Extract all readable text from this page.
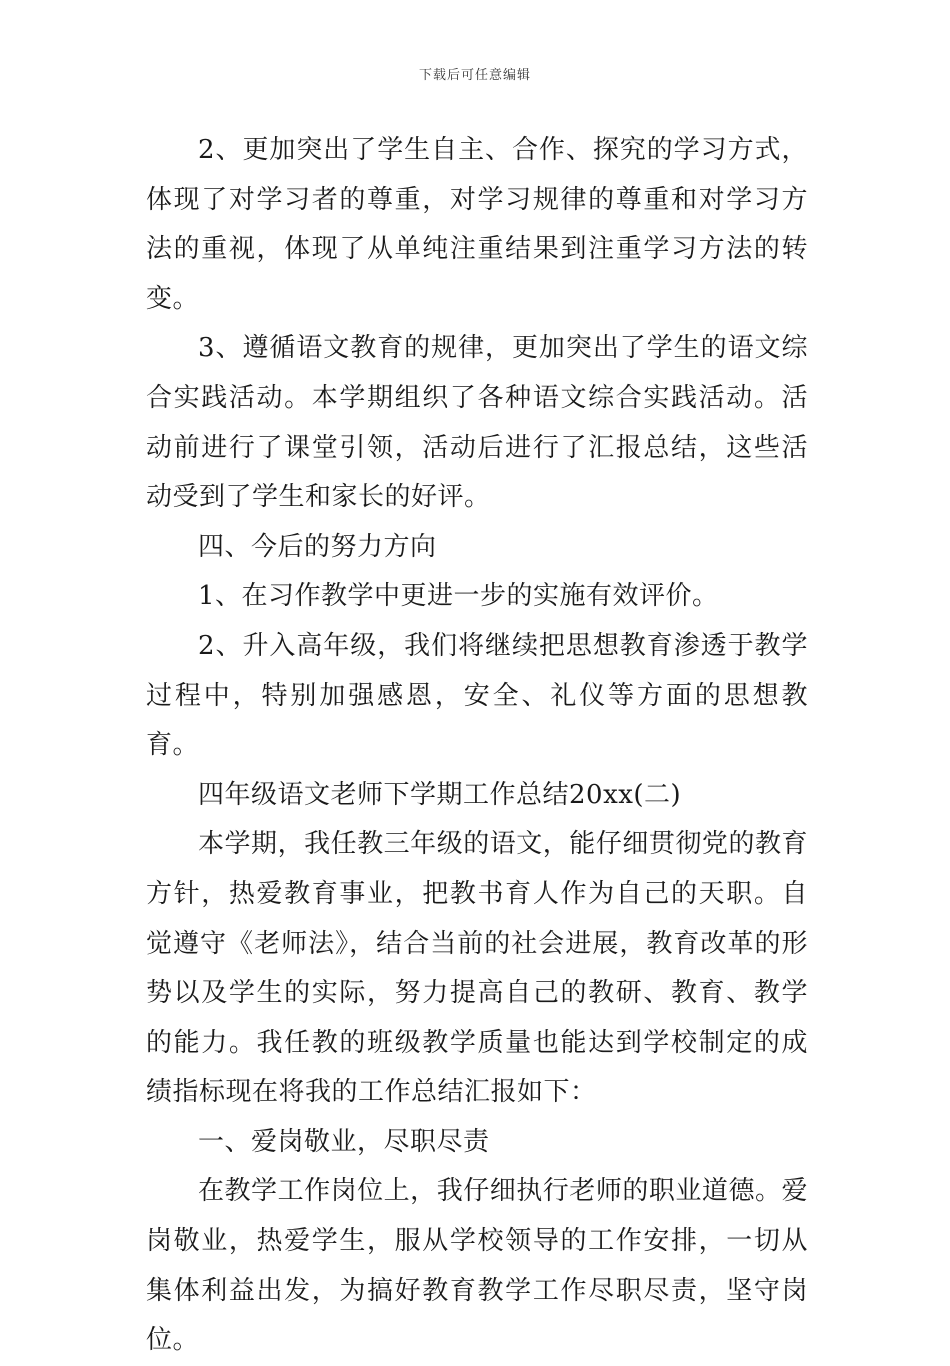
下载后可任意编辑

2、更加突出了学生自主、合作、探究的学习方式，体现了对学习者的尊重，对学习规律的尊重和对学习方法的重视，体现了从单纯注重结果到注重学习方法的转变。

3、遵循语文教育的规律，更加突出了学生的语文综合实践活动。本学期组织了各种语文综合实践活动。活动前进行了课堂引领，活动后进行了汇报总结，这些活动受到了学生和家长的好评。

四、今后的努力方向

1、在习作教学中更进一步的实施有效评价。

2、升入高年级，我们将继续把思想教育渗透于教学过程中，特别加强感恩，安全、礼仪等方面的思想教育。

四年级语文老师下学期工作总结20xx(二)

本学期，我任教三年级的语文，能仔细贯彻党的教育方针，热爱教育事业，把教书育人作为自己的天职。自觉遵守《老师法》，结合当前的社会进展，教育改革的形势以及学生的实际，努力提高自己的教研、教育、教学的能力。我任教的班级教学质量也能达到学校制定的成绩指标现在将我的工作总结汇报如下：

一、爱岗敬业，尽职尽责

在教学工作岗位上，我仔细执行老师的职业道德。爱岗敬业，热爱学生，服从学校领导的工作安排，一切从集体利益出发，为搞好教育教学工作尽职尽责，坚守岗位。
